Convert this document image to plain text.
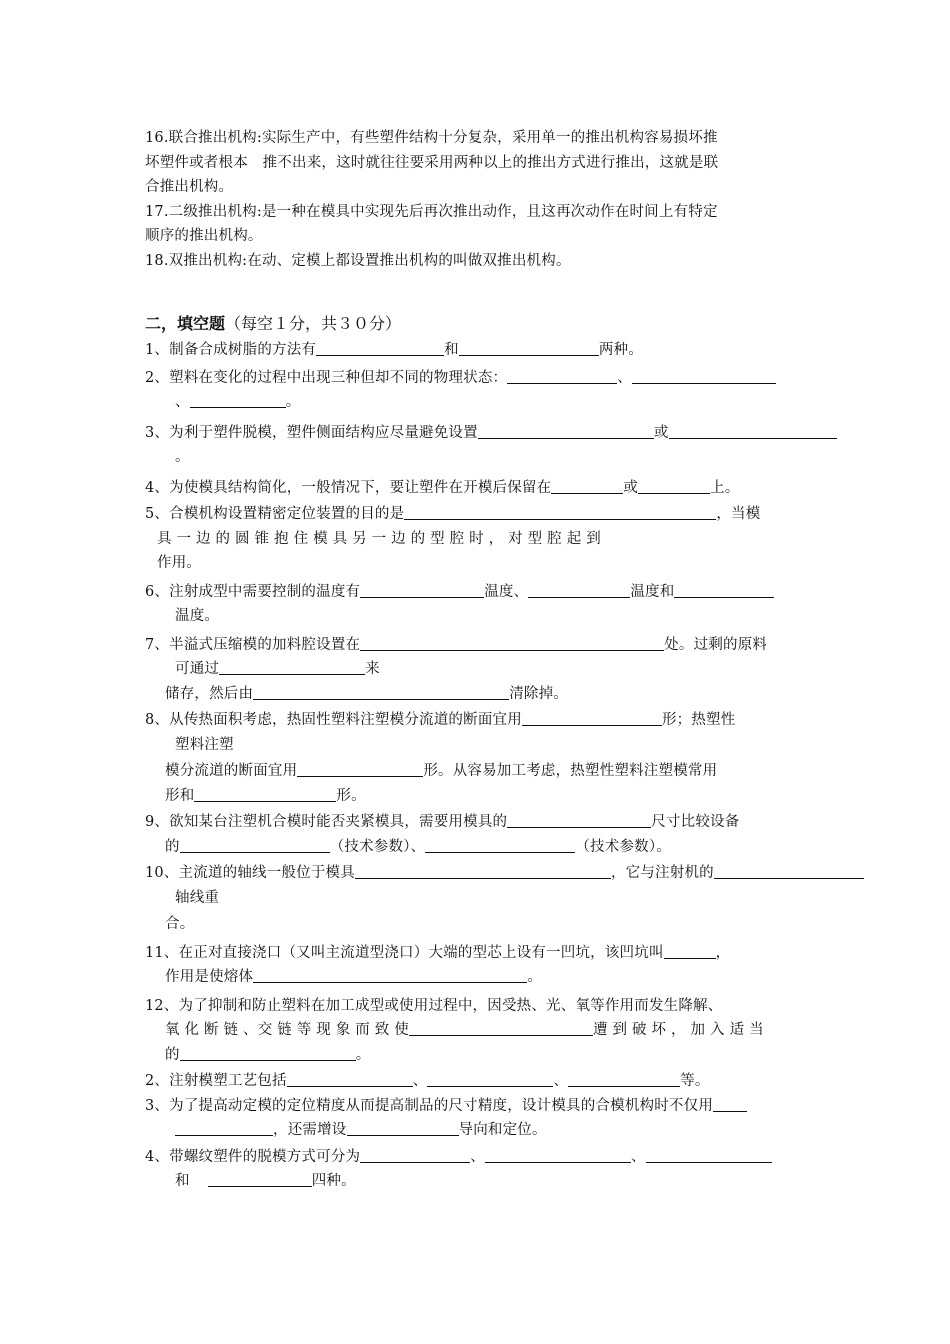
16.联合推出机构:实际生产中，有些塑件结构十分复杂，采用单一的推出机构容易损坏推
坏塑件或者根本　推不出来，这时就往往要采用两种以上的推出方式进行推出，这就是联
合推出机构。
17.二级推出机构:是一种在模具中实现先后再次推出动作，且这再次动作在时间上有特定
顺序的推出机构。
18.双推出机构:在动、定模上都设置推出机构的叫做双推出机构。
二，填空题（每空１分，共３０分）
1、制备合成树脂的方法有	和	两种。
2、塑料在变化的过程中出现三种但却不同的物理状态：	、
、	。
3、为利于塑件脱模，塑件侧面结构应尽量避免设置	或
。
4、为使模具结构简化，一般情况下，要让塑件在开模后保留在	或	上。
5、合模机构设置精密定位装置的目的是	，当模
具 一 边 的 圆 锥 抱 住 模 具 另 一 边 的 型 腔 时 ， 对 型 腔 起 到
作用。
6、注射成型中需要控制的温度有	温度、	温度和
温度。
7、半溢式压缩模的加料腔设置在	处。过剩的原料
可通过	来
储存，然后由	清除掉。
8、从传热面积考虑，热固性塑料注塑模分流道的断面宜用	形；热塑性
塑料注塑
模分流道的断面宜用	形。从容易加工考虑，热塑性塑料注塑模常用
形和	形。
9、欲知某台注塑机合模时能否夹紧模具，需要用模具的	尺寸比较设备
的	（技术参数）、	（技术参数）。
10、主流道的轴线一般位于模具	，它与注射机的
轴线重
合。
11、在正对直接浇口（又叫主流道型浇口）大端的型芯上设有一凹坑，该凹坑叫	，
作用是使熔体	。
12、为了抑制和防止塑料在加工成型或使用过程中，因受热、光、氧等作用而发生降解、
氧 化 断 链 、交 链 等 现 象 而 致 使	遭 到 破 坏 ， 加 入 适 当
的	。
2、注射模塑工艺包括	、	、	等。
3、为了提高动定模的定位精度从而提高制品的尺寸精度，设计模具的合模机构时不仅用
，还需增设	导向和定位。
4、带螺纹塑件的脱模方式可分为	、	、
和	四种。
